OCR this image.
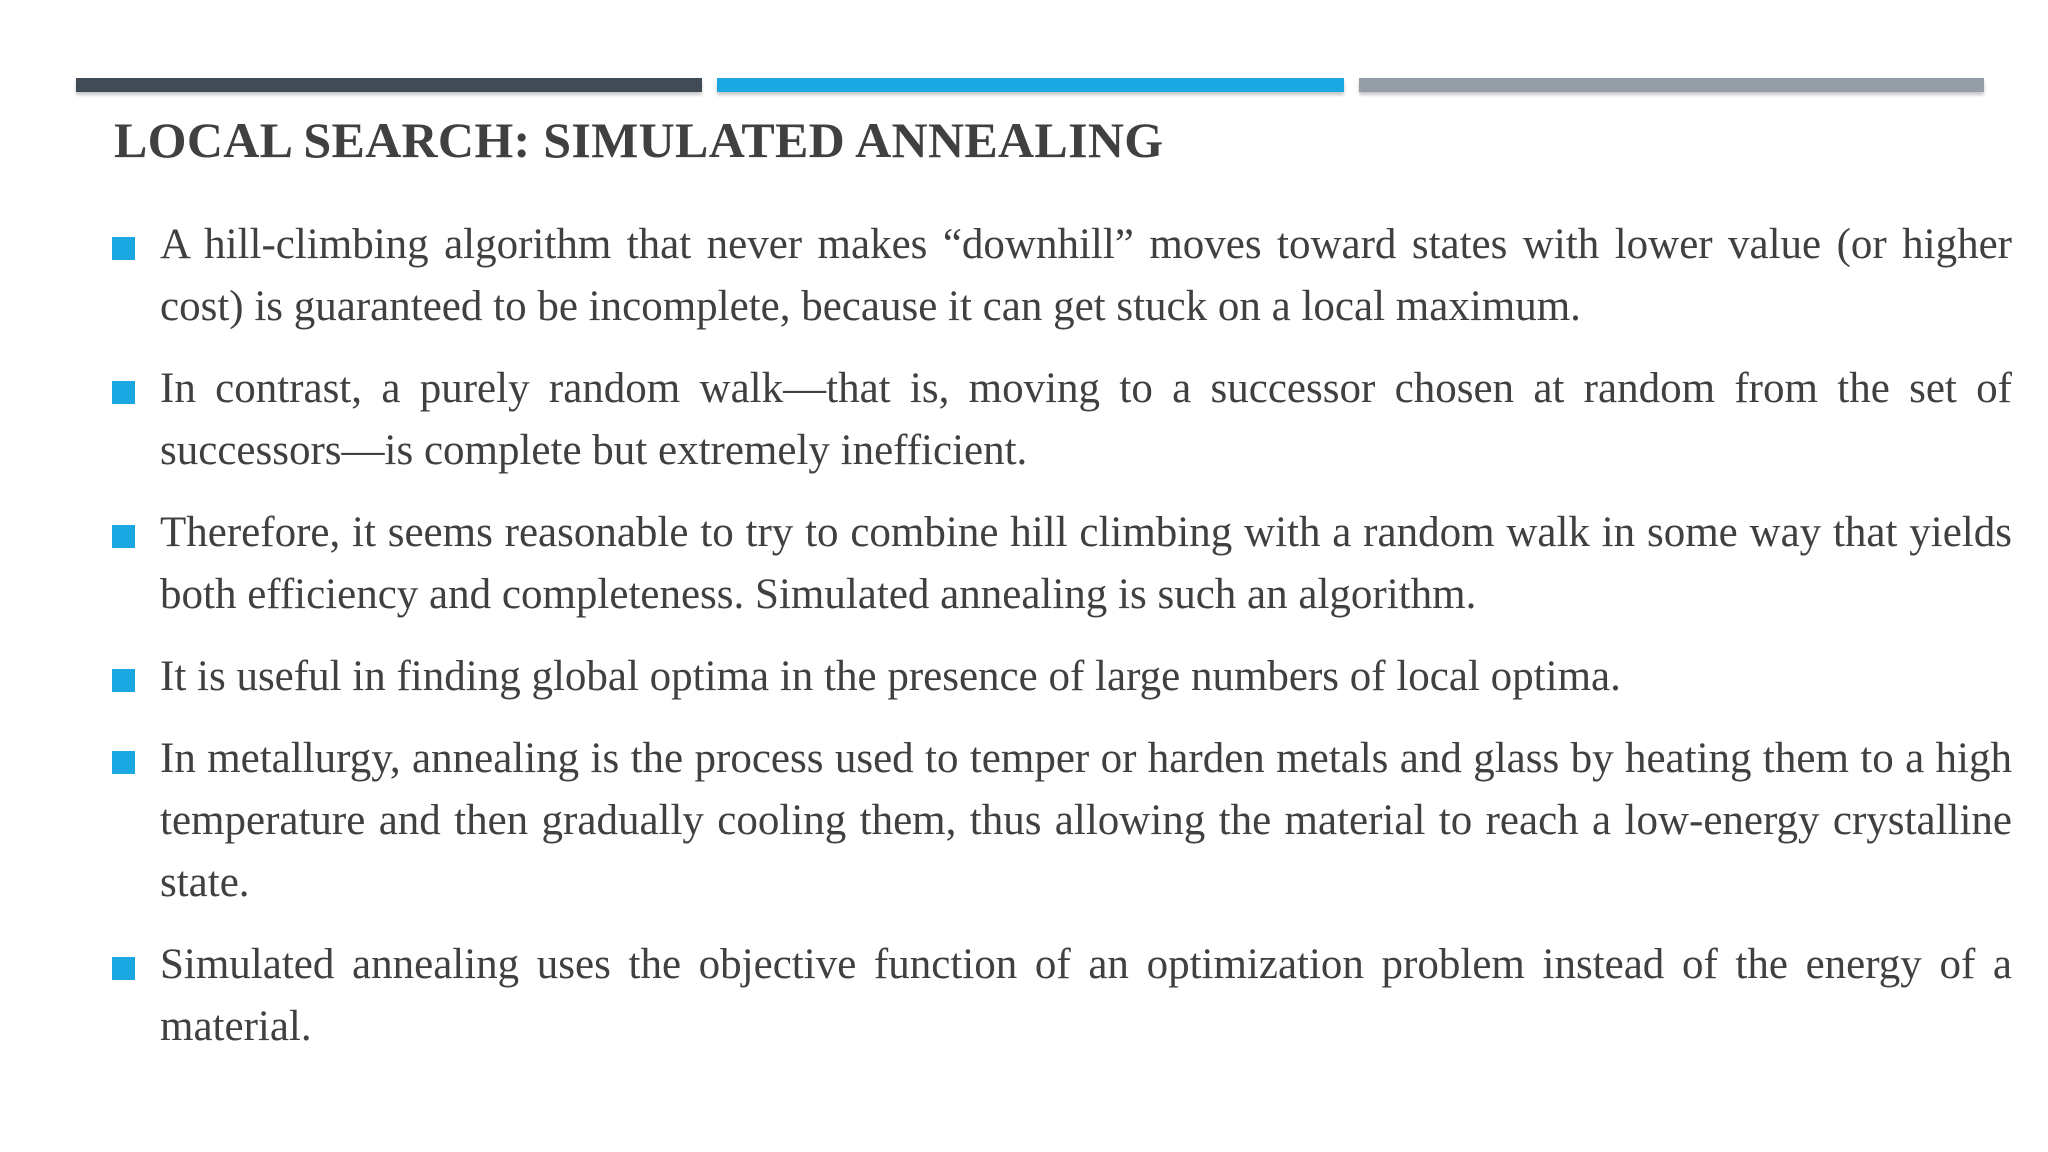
LOCAL SEARCH: SIMULATED ANNEALING
A hill-climbing algorithm that never makes “downhill” moves toward states with lower value (or higher cost) is guaranteed to be incomplete, because it can get stuck on a local maximum.
In contrast, a purely random walk—that is, moving to a successor chosen at random from the set of successors—is complete but extremely inefficient.
Therefore, it seems reasonable to try to combine hill climbing with a random walk in some way that yields both efficiency and completeness. Simulated annealing is such an algorithm.
It is useful in finding global optima in the presence of large numbers of local optima.
In metallurgy, annealing is the process used to temper or harden metals and glass by heating them to a high temperature and then gradually cooling them, thus allowing the material to reach a low-energy crystalline state.
Simulated annealing uses the objective function of an optimization problem instead of the energy of a material.
